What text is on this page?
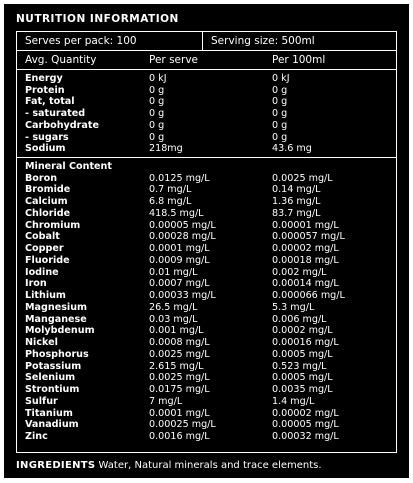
NUTRITION INFORMATION
Serves per pack: 100	Serving size: 500ml
Avg. Quantity	Per serve	Per 100ml
Energy	0 kJ	0 kJ
Protein	0 g	0 g
Fat, total	0 g	0 g
- saturated	0 g	0 g
Carbohydrate	0 g	0 g
- sugars	0 g	0 g
Sodium	218mg	43.6 mg
Mineral Content
Boron	0.0125 mg/L	0.0025 mg/L
Bromide	0.7 mg/L	0.14 mg/L
Calcium	6.8 mg/L	1.36 mg/L
Chloride	418.5 mg/L	83.7 mg/L
Chromium	0.00005 mg/L	0.00001 mg/L
Cobalt	0.00028 mg/L	0.000057 mg/L
Copper	0.0001 mg/L	0.00002 mg/L
Fluoride	0.0009 mg/L	0.00018 mg/L
Iodine	0.01 mg/L	0.002 mg/L
Iron	0.0007 mg/L	0.00014 mg/L
Lithium	0.00033 mg/L	0.000066 mg/L
Magnesium	26.5 mg/L	5.3 mg/L
Manganese	0.03 mg/L	0.006 mg/L
Molybdenum	0.001 mg/L	0.0002 mg/L
Nickel	0.0008 mg/L	0.00016 mg/L
Phosphorus	0.0025 mg/L	0.0005 mg/L
Potassium	2.615 mg/L	0.523 mg/L
Selenium	0.0025 mg/L	0.0005 mg/L
Strontium	0.0175 mg/L	0.0035 mg/L
Sulfur	7 mg/L	1.4 mg/L
Titanium	0.0001 mg/L	0.00002 mg/L
Vanadium	0.00025 mg/L	0.00005 mg/L
Zinc	0.0016 mg/L	0.00032 mg/L
INGREDIENTS Water, Natural minerals and trace elements.
